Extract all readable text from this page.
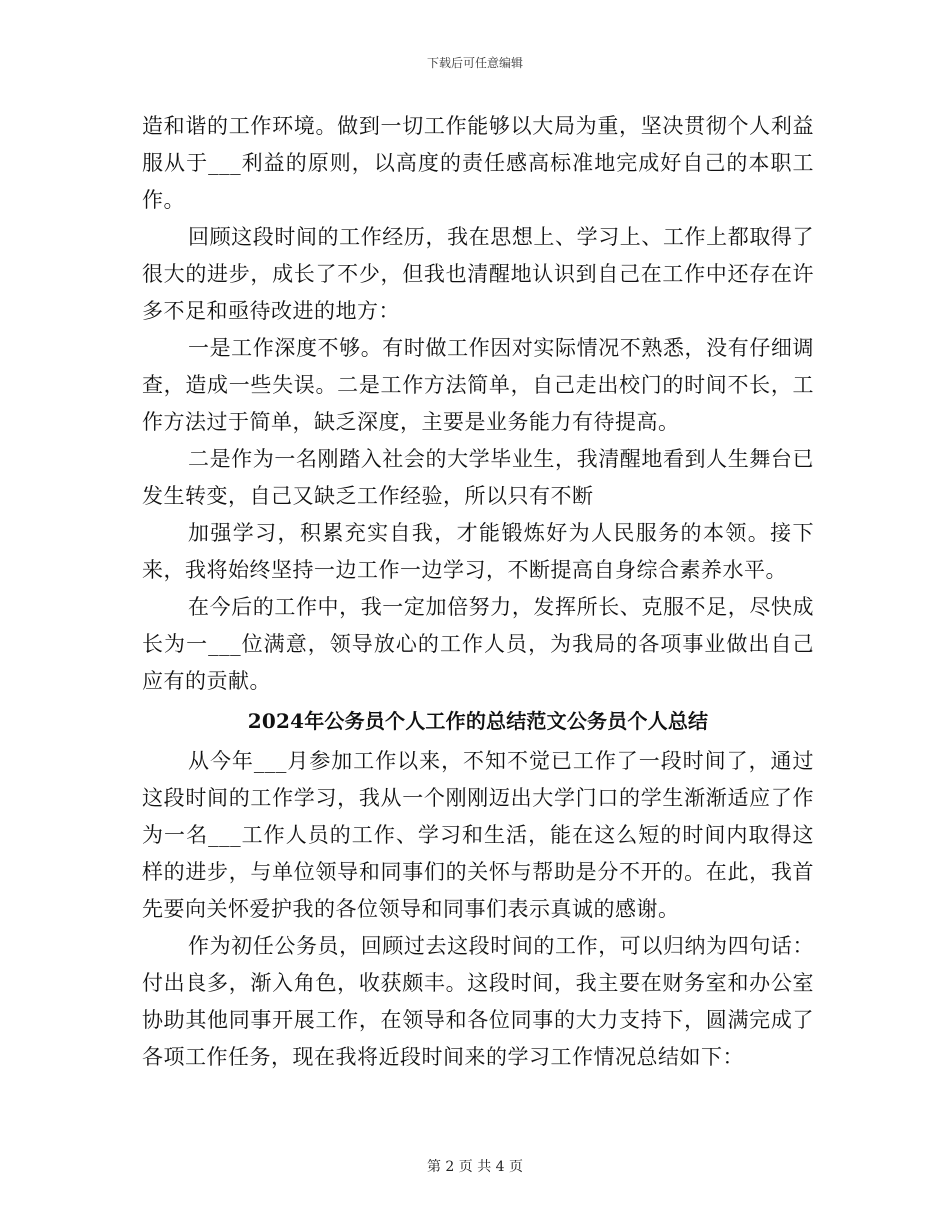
下载后可任意编辑

造和谐的工作环境。做到一切工作能够以大局为重，坚决贯彻个人利益服从于___利益的原则，以高度的责任感高标准地完成好自己的本职工作。

回顾这段时间的工作经历，我在思想上、学习上、工作上都取得了很大的进步，成长了不少，但我也清醒地认识到自己在工作中还存在许多不足和亟待改进的地方：

一是工作深度不够。有时做工作因对实际情况不熟悉，没有仔细调查，造成一些失误。二是工作方法简单，自己走出校门的时间不长，工作方法过于简单，缺乏深度，主要是业务能力有待提高。

二是作为一名刚踏入社会的大学毕业生，我清醒地看到人生舞台已发生转变，自己又缺乏工作经验，所以只有不断

加强学习，积累充实自我，才能锻炼好为人民服务的本领。接下来，我将始终坚持一边工作一边学习，不断提高自身综合素养水平。

在今后的工作中，我一定加倍努力，发挥所长、克服不足，尽快成长为一___位满意，领导放心的工作人员，为我局的各项事业做出自己应有的贡献。

2024年公务员个人工作的总结范文公务员个人总结

从今年___月参加工作以来，不知不觉已工作了一段时间了，通过这段时间的工作学习，我从一个刚刚迈出大学门口的学生渐渐适应了作为一名___工作人员的工作、学习和生活，能在这么短的时间内取得这样的进步，与单位领导和同事们的关怀与帮助是分不开的。在此，我首先要向关怀爱护我的各位领导和同事们表示真诚的感谢。

作为初任公务员，回顾过去这段时间的工作，可以归纳为四句话：付出良多，渐入角色，收获颇丰。这段时间，我主要在财务室和办公室协助其他同事开展工作，在领导和各位同事的大力支持下，圆满完成了各项工作任务，现在我将近段时间来的学习工作情况总结如下：

第 2 页 共 4 页
